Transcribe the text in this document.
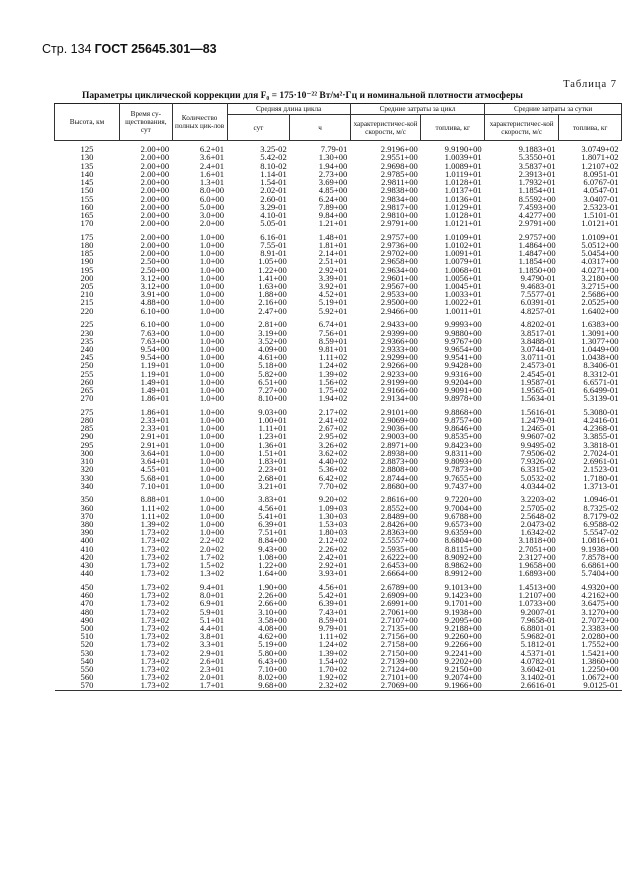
Стр. 134 ГОСТ 25645.301—83
Таблица 7
Параметры циклической коррекции для F₀ = 175·10⁻²² Вт/м²·Гц и номинальной плотности атмосферы
Высота, км	Время су-ществования, сут	Количество полных цик-лов	Средняя длина цикла		Средние затраты за цикл		Средние затраты за сутки	
			сут	ч	характеристичес-кой скорости, м/с	топлива, кг	характеристичес-кой скорости, м/с	топлива, кг
125	2.00+00	6.2+01	3.25-02	7.79-01	2.9196+00	9.9190+00	9.1883+01	3.0749+02
130	2.00+00	3.6+01	5.42-02	1.30+00	2.9551+00	1.0039+01	5.3550+01	1.8071+02
135	2.00+00	2.4+01	8.10-02	1.94+00	2.9698+00	1.0089+01	3.5837+01	1.2107+02
140	2.00+00	1.6+01	1.14-01	2.73+00	2.9785+00	1.0119+01	2.3913+01	8.0951-01
145	2.00+00	1.3+01	1.54-01	3.69+00	2.9811+00	1.0128+01	1.7932+01	6.0767-01
150	2.00+00	8.0+00	2.02-01	4.85+00	2.9838+00	1.0137+01	1.1854+01	4.0547-01
155	2.00+00	6.0+00	2.60-01	6.24+00	2.9834+00	1.0136+01	8.5592+00	3.0407-01
160	2.00+00	5.0+00	3.29-01	7.89+00	2.9817+00	1.0129+01	7.4593+00	2.5323-01
165	2.00+00	3.0+00	4.10-01	9.84+00	2.9810+00	1.0128+01	4.4277+00	1.5101-01
170	2.00+00	2.0+00	5.05-01	1.21+01	2.9791+00	1.0121+01	2.9791+00	1.0121+01

175	2.00+00	1.0+00	6.16-01	1.48+01	2.9757+00	1.0109+01	2.9757+00	1.0109+01
180	2.00+00	1.0+00	7.55-01	1.81+01	2.9736+00	1.0102+01	1.4864+00	5.0512+00
185	2.00+00	1.0+00	8.91-01	2.14+01	2.9702+00	1.0091+01	1.4847+00	5.0454+00
190	2.50+00	1.0+00	1.05+00	2.51+01	2.9658+00	1.0079+01	1.1854+00	4.0317+00
195	2.50+00	1.0+00	1.22+00	2.92+01	2.9634+00	1.0068+01	1.1850+00	4.0271+00
200	3.12+00	1.0+00	1.41+00	3.39+01	2.9601+00	1.0056+01	9.4790-01	3.2180+00
205	3.12+00	1.0+00	1.63+00	3.92+01	2.9567+00	1.0045+01	9.4683-01	3.2715+00
210	3.91+00	1.0+00	1.88+00	4.52+01	2.9533+00	1.0033+01	7.5577-01	2.5686+00
215	4.88+00	1.0+00	2.16+00	5.19+01	2.9500+00	1.0022+01	6.0391-01	2.0525+00
220	6.10+00	1.0+00	2.47+00	5.92+01	2.9466+00	1.0011+01	4.8257-01	1.6402+00

225	6.10+00	1.0+00	2.81+00	6.74+01	2.9433+00	9.9993+00	4.8202-01	1.6383+00
230	7.63+00	1.0+00	3.19+00	7.56+01	2.9399+00	9.9880+00	3.8517-01	1.3091+00
235	7.63+00	1.0+00	3.52+00	8.59+01	2.9366+00	9.9767+00	3.8488-01	1.3077+00
240	9.54+00	1.0+00	4.09+00	9.81+01	2.9333+00	9.9654+00	3.0744-01	1.0449+00
245	9.54+00	1.0+00	4.61+00	1.11+02	2.9299+00	9.9541+00	3.0711-01	1.0438+00
250	1.19+01	1.0+00	5.18+00	1.24+02	2.9266+00	9.9428+00	2.4573-01	8.3406-01
255	1.19+01	1.0+00	5.82+00	1.39+02	2.9233+00	9.9316+00	2.4545-01	8.3312-01
260	1.49+01	1.0+00	6.51+00	1.56+02	2.9199+00	9.9204+00	1.9587-01	6.6571-01
265	1.49+01	1.0+00	7.27+00	1.75+02	2.9166+00	9.9091+00	1.9565-01	6.6499-01
270	1.86+01	1.0+00	8.10+00	1.94+02	2.9134+00	9.8978+00	1.5634-01	5.3139-01

275	1.86+01	1.0+00	9.03+00	2.17+02	2.9101+00	9.8868+00	1.5616-01	5.3080-01
280	2.33+01	1.0+00	1.00+01	2.41+02	2.9069+00	9.8757+00	1.2479-01	4.2416-01
285	2.33+01	1.0+00	1.11+01	2.67+02	2.9036+00	9.8646+00	1.2465-01	4.2368-01
290	2.91+01	1.0+00	1.23+01	2.95+02	2.9003+00	9.8535+00	9.9607-02	3.3855-01
295	2.91+01	1.0+00	1.36+01	3.26+02	2.8971+00	9.8423+00	9.9495-02	3.3818-01
300	3.64+01	1.0+00	1.51+01	3.62+02	2.8938+00	9.8311+00	7.9506-02	2.7024-01
310	3.64+01	1.0+00	1.83+01	4.40+02	2.8873+00	9.8093+00	7.9326-02	2.6961-01
320	4.55+01	1.0+00	2.23+01	5.36+02	2.8808+00	9.7873+00	6.3315-02	2.1523-01
330	5.68+01	1.0+00	2.68+01	6.42+02	2.8744+00	9.7655+00	5.0532-02	1.7180-01
340	7.10+01	1.0+00	3.21+01	7.70+02	2.8680+00	9.7437+00	4.0344-02	1.3713-01

350	8.88+01	1.0+00	3.83+01	9.20+02	2.8616+00	9.7220+00	3.2203-02	1.0946-01
360	1.11+02	1.0+00	4.56+01	1.09+03	2.8552+00	9.7004+00	2.5705-02	8.7325-02
370	1.11+02	1.0+00	5.41+01	1.30+03	2.8489+00	9.6788+00	2.5648-02	8.7179-02
380	1.39+02	1.0+00	6.39+01	1.53+03	2.8426+00	9.6573+00	2.0473-02	6.9588-02
390	1.73+02	1.0+00	7.51+01	1.80+03	2.8363+00	9.6359+00	1.6342-02	5.5547-02
400	1.73+02	2.2+02	8.84+00	2.12+02	2.5557+00	8.6804+00	3.1818+00	1.0816+01
410	1.73+02	2.0+02	9.43+00	2.26+02	2.5935+00	8.8115+00	2.7051+00	9.1938+00
420	1.73+02	1.7+02	1.08+00	2.42+01	2.6222+00	8.9092+00	2.3127+00	7.8578+00
430	1.73+02	1.5+02	1.22+00	2.92+01	2.6453+00	8.9862+00	1.9658+00	6.6861+00
440	1.73+02	1.3+02	1.64+00	3.93+01	2.6664+00	8.9912+00	1.6893+00	5.7404+00

450	1.73+02	9.4+01	1.90+00	4.56+01	2.6789+00	9.1013+00	1.4513+00	4.9320+00
460	1.73+02	8.0+01	2.26+00	5.42+01	2.6909+00	9.1423+00	1.2107+00	4.2162+00
470	1.73+02	6.9+01	2.66+00	6.39+01	2.6991+00	9.1701+00	1.0733+00	3.6475+00
480	1.73+02	5.9+01	3.10+00	7.43+01	2.7061+00	9.1938+00	9.2007-01	3.1270+00
490	1.73+02	5.1+01	3.58+00	8.59+01	2.7107+00	9.2095+00	7.9658-01	2.7072+00
500	1.73+02	4.4+01	4.08+00	9.79+01	2.7135+00	9.2188+00	6.8801-01	2.3383+00
510	1.73+02	3.8+01	4.62+00	1.11+02	2.7156+00	9.2260+00	5.9682-01	2.0280+00
520	1.73+02	3.3+01	5.19+00	1.24+02	2.7158+00	9.2266+00	5.1812-01	1.7552+00
530	1.73+02	2.9+01	5.80+00	1.39+02	2.7150+00	9.2241+00	4.5371-01	1.5421+00
540	1.73+02	2.6+01	6.43+00	1.54+02	2.7139+00	9.2202+00	4.0782-01	1.3860+00
550	1.73+02	2.3+01	7.10+00	1.70+02	2.7124+00	9.2150+00	3.6042-01	1.2250+00
560	1.73+02	2.0+01	8.02+00	1.92+02	2.7101+00	9.2074+00	3.1402-01	1.0672+00
570	1.73+02	1.7+01	9.68+00	2.32+02	2.7069+00	9.1966+00	2.6616-01	9.0125-01
